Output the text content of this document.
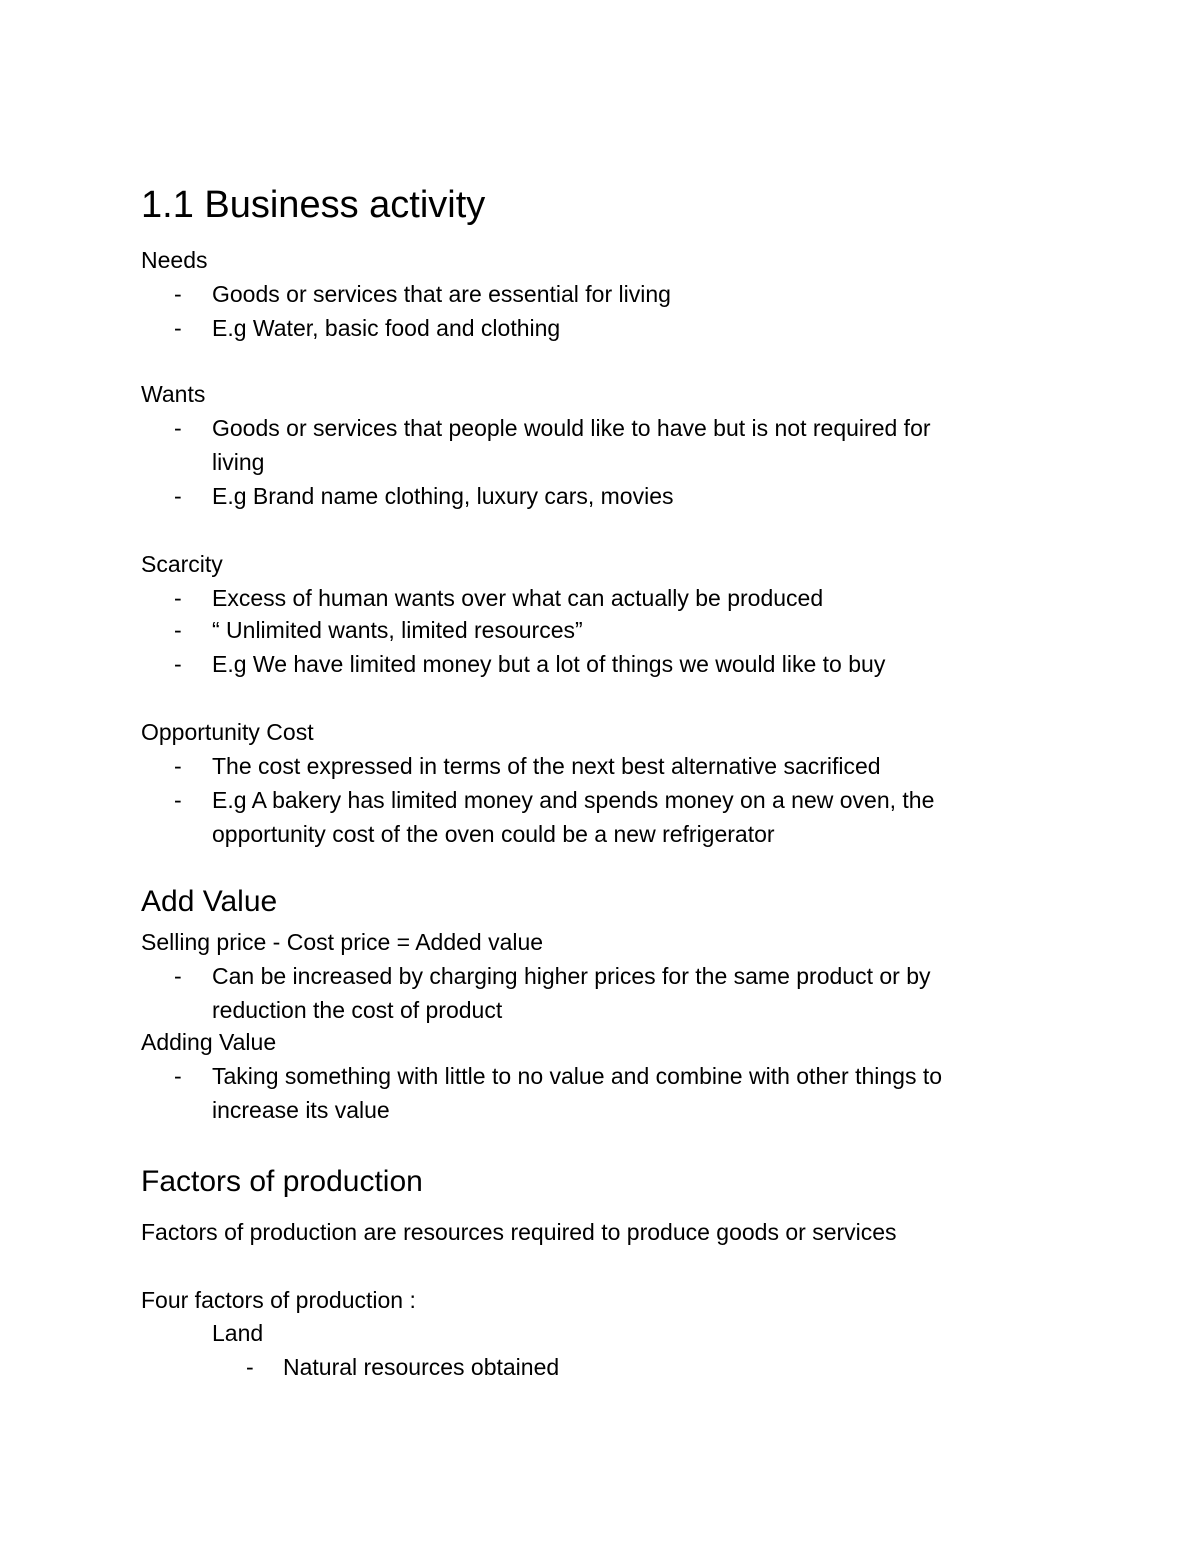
1.1 Business activity
Needs
- Goods or services that are essential for living
- E.g Water, basic food and clothing
Wants
- Goods or services that people would like to have but is not required for
living
- E.g Brand name clothing, luxury cars, movies
Scarcity
- Excess of human wants over what can actually be produced
- “ Unlimited wants, limited resources”
- E.g We have limited money but a lot of things we would like to buy
Opportunity Cost
- The cost expressed in terms of the next best alternative sacrificed
- E.g A bakery has limited money and spends money on a new oven, the
opportunity cost of the oven could be a new refrigerator
Add Value
Selling price - Cost price = Added value
- Can be increased by charging higher prices for the same product or by
reduction the cost of product
Adding Value
- Taking something with little to no value and combine with other things to
increase its value
Factors of production
Factors of production are resources required to produce goods or services
Four factors of production :
Land
- Natural resources obtained
